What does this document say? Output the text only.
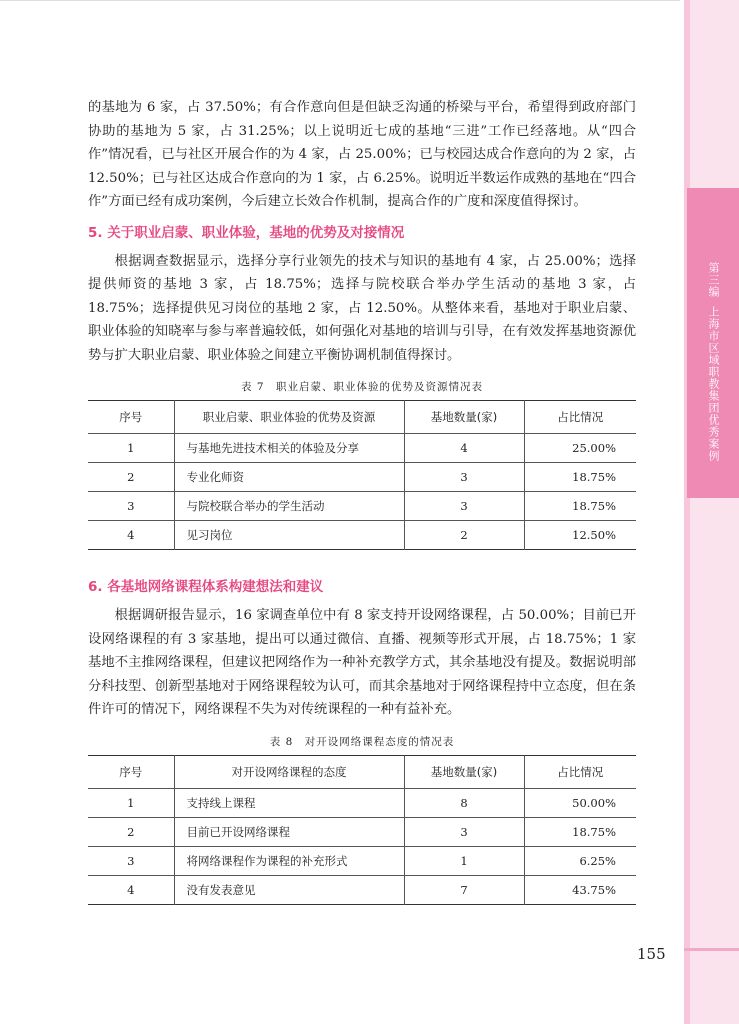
第三编
上海市区域职教集团优秀案例

的基地为 6 家，占 37.50%；有合作意向但是但缺乏沟通的桥梁与平台，希望得到政府部门协助的基地为 5 家，占 31.25%；以上说明近七成的基地“三进”工作已经落地。从“四合作”情况看，已与社区开展合作的为 4 家，占 25.00%；已与校园达成合作意向的为 2 家，占 12.50%；已与社区达成合作意向的为 1 家，占 6.25%。说明近半数运作成熟的基地在“四合作”方面已经有成功案例，今后建立长效合作机制，提高合作的广度和深度值得探讨。

5. 关于职业启蒙、职业体验，基地的优势及对接情况

根据调查数据显示，选择分享行业领先的技术与知识的基地有 4 家，占 25.00%；选择提供师资的基地 3 家，占 18.75%；选择与院校联合举办学生活动的基地 3 家，占 18.75%；选择提供见习岗位的基地 2 家，占 12.50%。从整体来看，基地对于职业启蒙、职业体验的知晓率与参与率普遍较低，如何强化对基地的培训与引导，在有效发挥基地资源优势与扩大职业启蒙、职业体验之间建立平衡协调机制值得探讨。

表 7　职业启蒙、职业体验的优势及资源情况表
序号	职业启蒙、职业体验的优势及资源	基地数量(家)	占比情况
1	与基地先进技术相关的体验及分享	4	25.00%
2	专业化师资	3	18.75%
3	与院校联合举办的学生活动	3	18.75%
4	见习岗位	2	12.50%
6. 各基地网络课程体系构建想法和建议

根据调研报告显示，16 家调查单位中有 8 家支持开设网络课程，占 50.00%；目前已开设网络课程的有 3 家基地，提出可以通过微信、直播、视频等形式开展，占 18.75%；1 家基地不主推网络课程，但建议把网络作为一种补充教学方式，其余基地没有提及。数据说明部分科技型、创新型基地对于网络课程较为认可，而其余基地对于网络课程持中立态度，但在条件许可的情况下，网络课程不失为对传统课程的一种有益补充。

表 8　对开设网络课程态度的情况表
序号	对开设网络课程的态度	基地数量(家)	占比情况
1	支持线上课程	8	50.00%
2	目前已开设网络课程	3	18.75%
3	将网络课程作为课程的补充形式	1	6.25%
4	没有发表意见	7	43.75%
155
